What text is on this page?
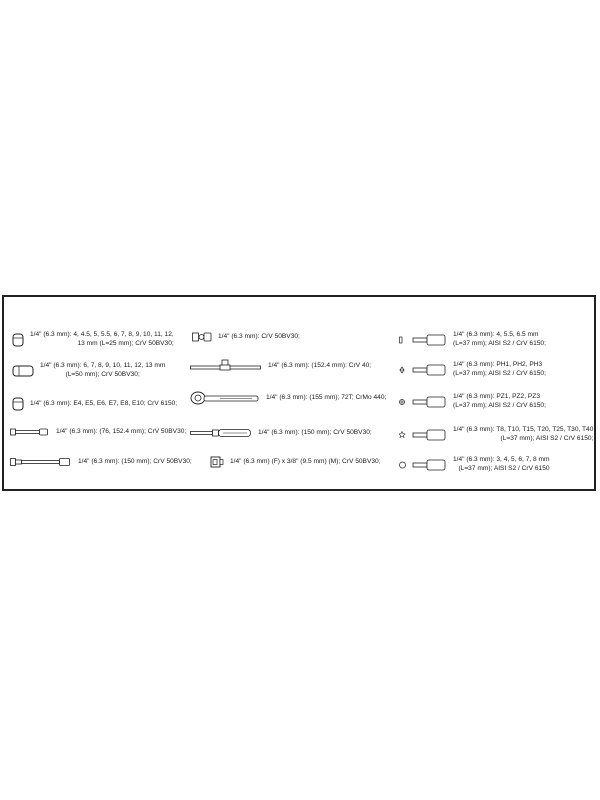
1/4" (6.3 mm): 4, 4.5, 5, 5.5, 6, 7, 8, 9, 10, 11, 12,
13 mm (L=25 mm); CrV 50BV30;
1/4" (6.3 mm): 6, 7, 8, 9, 10, 11, 12, 13 mm
(L=50 mm); CrV 50BV30;
1/4" (6.3 mm): E4, E5, E6, E7, E8, E10; CrV 6150;
1/4" (6.3 mm): (76, 152.4 mm); CrV 50BV30;
1/4" (6.3 mm): (150 mm); CrV 50BV30;
1/4" (6.3 mm): CrV 50BV30;
1/4" (6.3 mm): (152.4 mm): CrV 40;
1/4" (6.3 mm): (155 mm); 72T; CrMo 440;
1/4" (6.3 mm): (150 mm); CrV 50BV30;
1/4" (6.3 mm) (F) x 3/8" (9.5 mm) (M); CrV 50BV30;
1/4" (6.3 mm): 4, 5.5, 6.5 mm
(L=37 mm); AISI S2 / CrV 6150;
1/4" (6.3 mm): PH1, PH2, PH3
(L=37 mm); AISI S2 / CrV 6150;
1/4" (6.3 mm): PZ1, PZ2, PZ3
(L=37 mm); AISI S2 / CrV 6150;
1/4" (6.3 mm): T8, T10, T15, T20, T25, T30, T40
(L=37 mm); AISI S2 / CrV 6150;
1/4" (6.3 mm): 3, 4, 5, 6, 7, 8 mm
(L=37 mm); AISI S2 / CrV 6150
